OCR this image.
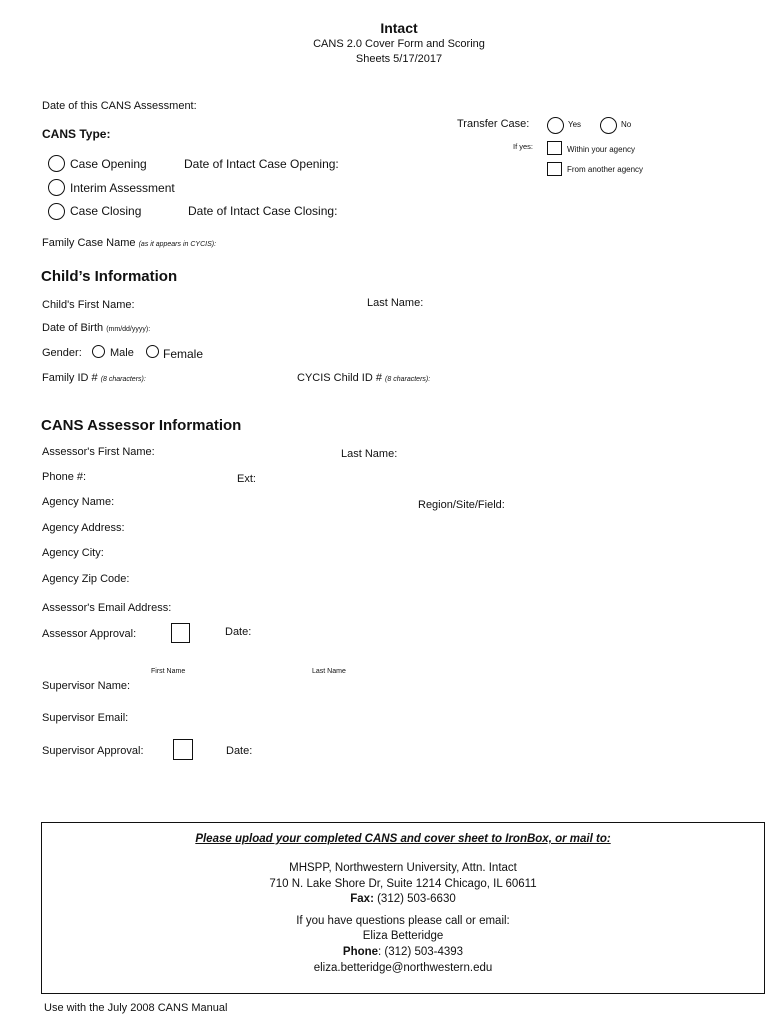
Intact
CANS 2.0 Cover Form and Scoring
Sheets 5/17/2017
Date of this CANS Assessment:
CANS Type:
Transfer Case:	Yes	No
If yes:	Within your agency
From another agency
Case Opening	Date of Intact Case Opening:
Interim Assessment
Case Closing	Date of Intact Case Closing:
Family Case Name (as it appears in CYCIS):
Child’s Information
Child's First Name:	Last Name:
Date of Birth (mm/dd/yyyy):
Gender:	Male Female
Family ID # (8 characters):	CYCIS Child ID # (8 characters):
CANS Assessor Information
Assessor's First Name:	Last Name:
Phone #:	Ext:
Agency Name:	Region/Site/Field:
Agency Address:
Agency City:
Agency Zip Code:
Assessor's Email Address:
Assessor Approval:	Date:
First Name	Last Name
Supervisor Name:
Supervisor Email:
Supervisor Approval:	Date:
Please upload your completed CANS and cover sheet to IronBox, or mail to:
MHSPP, Northwestern University, Attn. Intact
710 N. Lake Shore Dr, Suite 1214 Chicago, IL 60611
Fax: (312) 503-6630
If you have questions please call or email:
Eliza Betteridge
Phone: (312) 503-4393
eliza.betteridge@northwestern.edu
Use with the July 2008 CANS Manual
